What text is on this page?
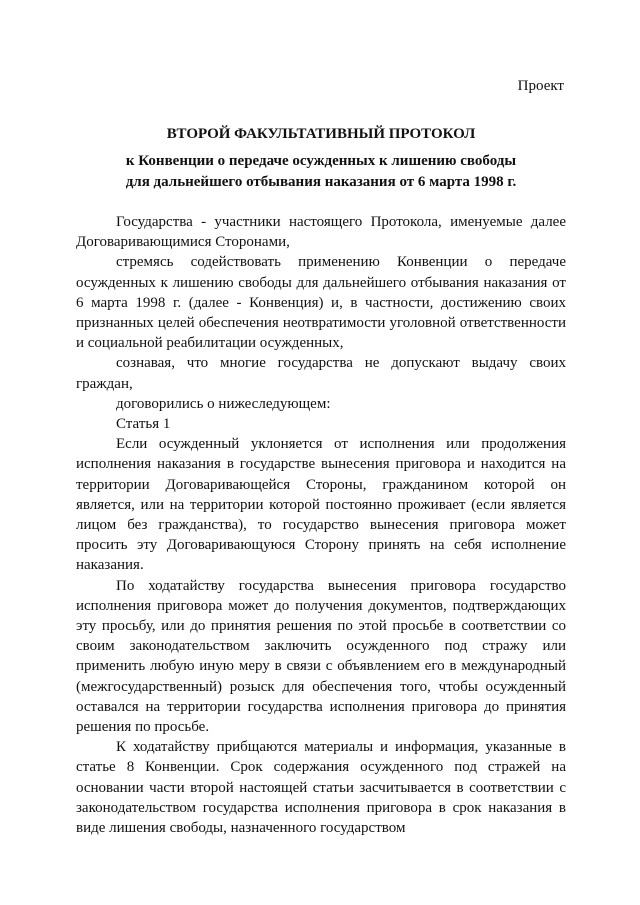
Проект
ВТОРОЙ ФАКУЛЬТАТИВНЫЙ ПРОТОКОЛ
к Конвенции о передаче осужденных к лишению свободы
для дальнейшего отбывания наказания от 6 марта 1998 г.

Государства - участники настоящего Протокола, именуемые далее Договаривающимися Сторонами,

стремясь содействовать применению Конвенции о передаче осужденных к лишению свободы для дальнейшего отбывания наказания от 6 марта 1998 г. (далее - Конвенция) и, в частности, достижению своих признанных целей обеспечения неотвратимости уголовной ответственности и социальной реабилитации осужденных,

сознавая, что многие государства не допускают выдачу своих граждан,

договорились о нижеследующем:

Статья 1

Если осужденный уклоняется от исполнения или продолжения исполнения наказания в государстве вынесения приговора и находится на территории Договаривающейся Стороны, гражданином которой он является, или на территории которой постоянно проживает (если является лицом без гражданства), то государство вынесения приговора может просить эту Договаривающуюся Сторону принять на себя исполнение наказания.

По ходатайству государства вынесения приговора государство исполнения приговора может до получения документов, подтверждающих эту просьбу, или до принятия решения по этой просьбе в соответствии со своим законодательством заключить осужденного под стражу или применить любую иную меру в связи с объявлением его в международный (межгосударственный) розыск для обеспечения того, чтобы осужденный оставался на территории государства исполнения приговора до принятия решения по просьбе.

К ходатайству прибщаются материалы и информация, указанные в статье 8 Конвенции. Срок содержания осужденного под стражей на основании части второй настоящей статьи засчитывается в соответствии с законодательством государства исполнения приговора в срок наказания в виде лишения свободы, назначенного государством
